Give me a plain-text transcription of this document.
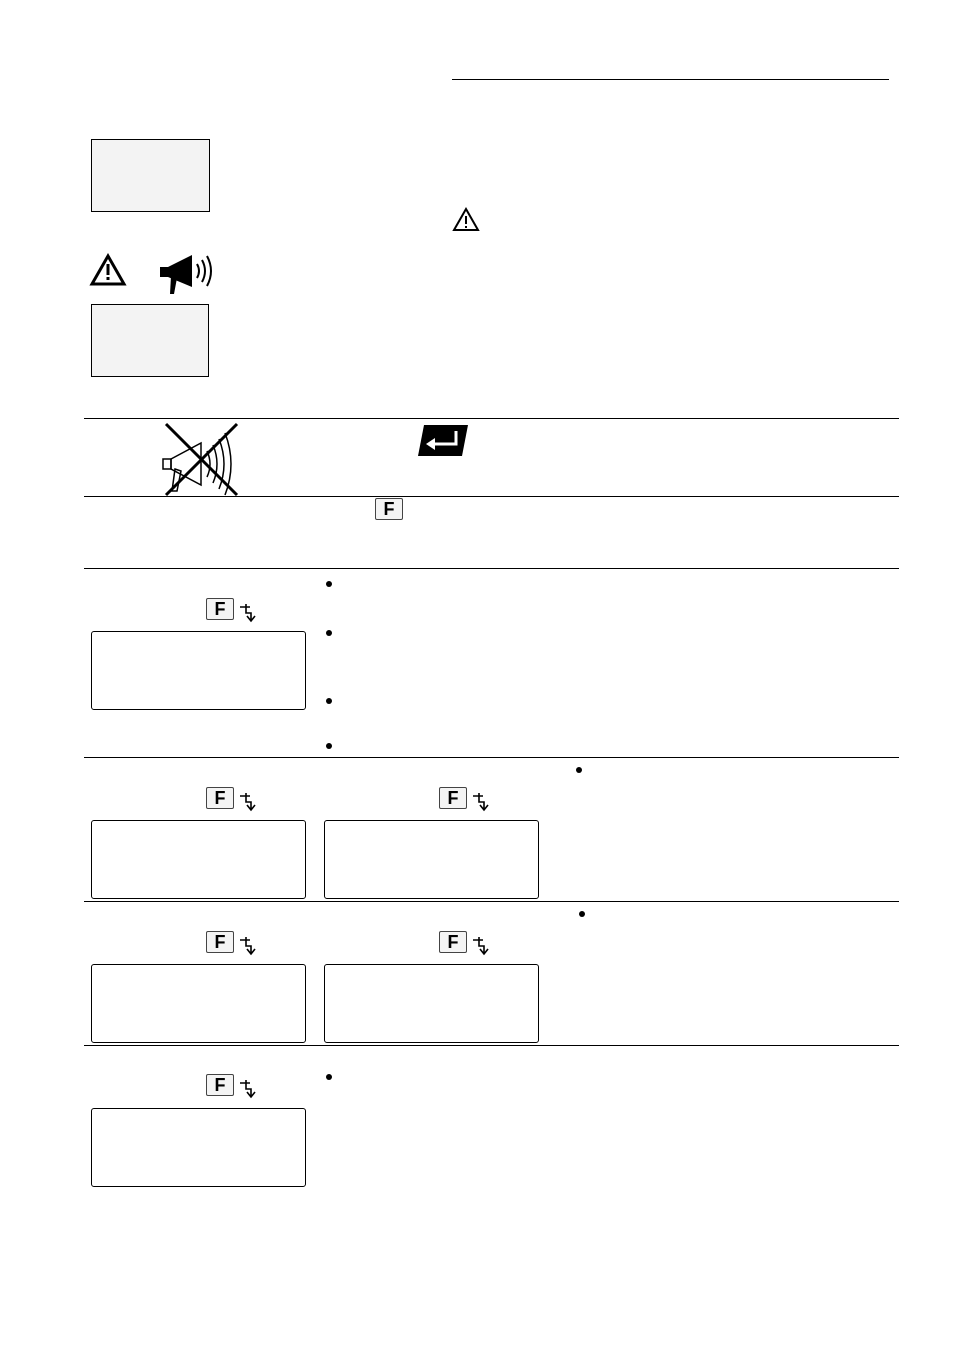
F
F
F	F
F	F
F
